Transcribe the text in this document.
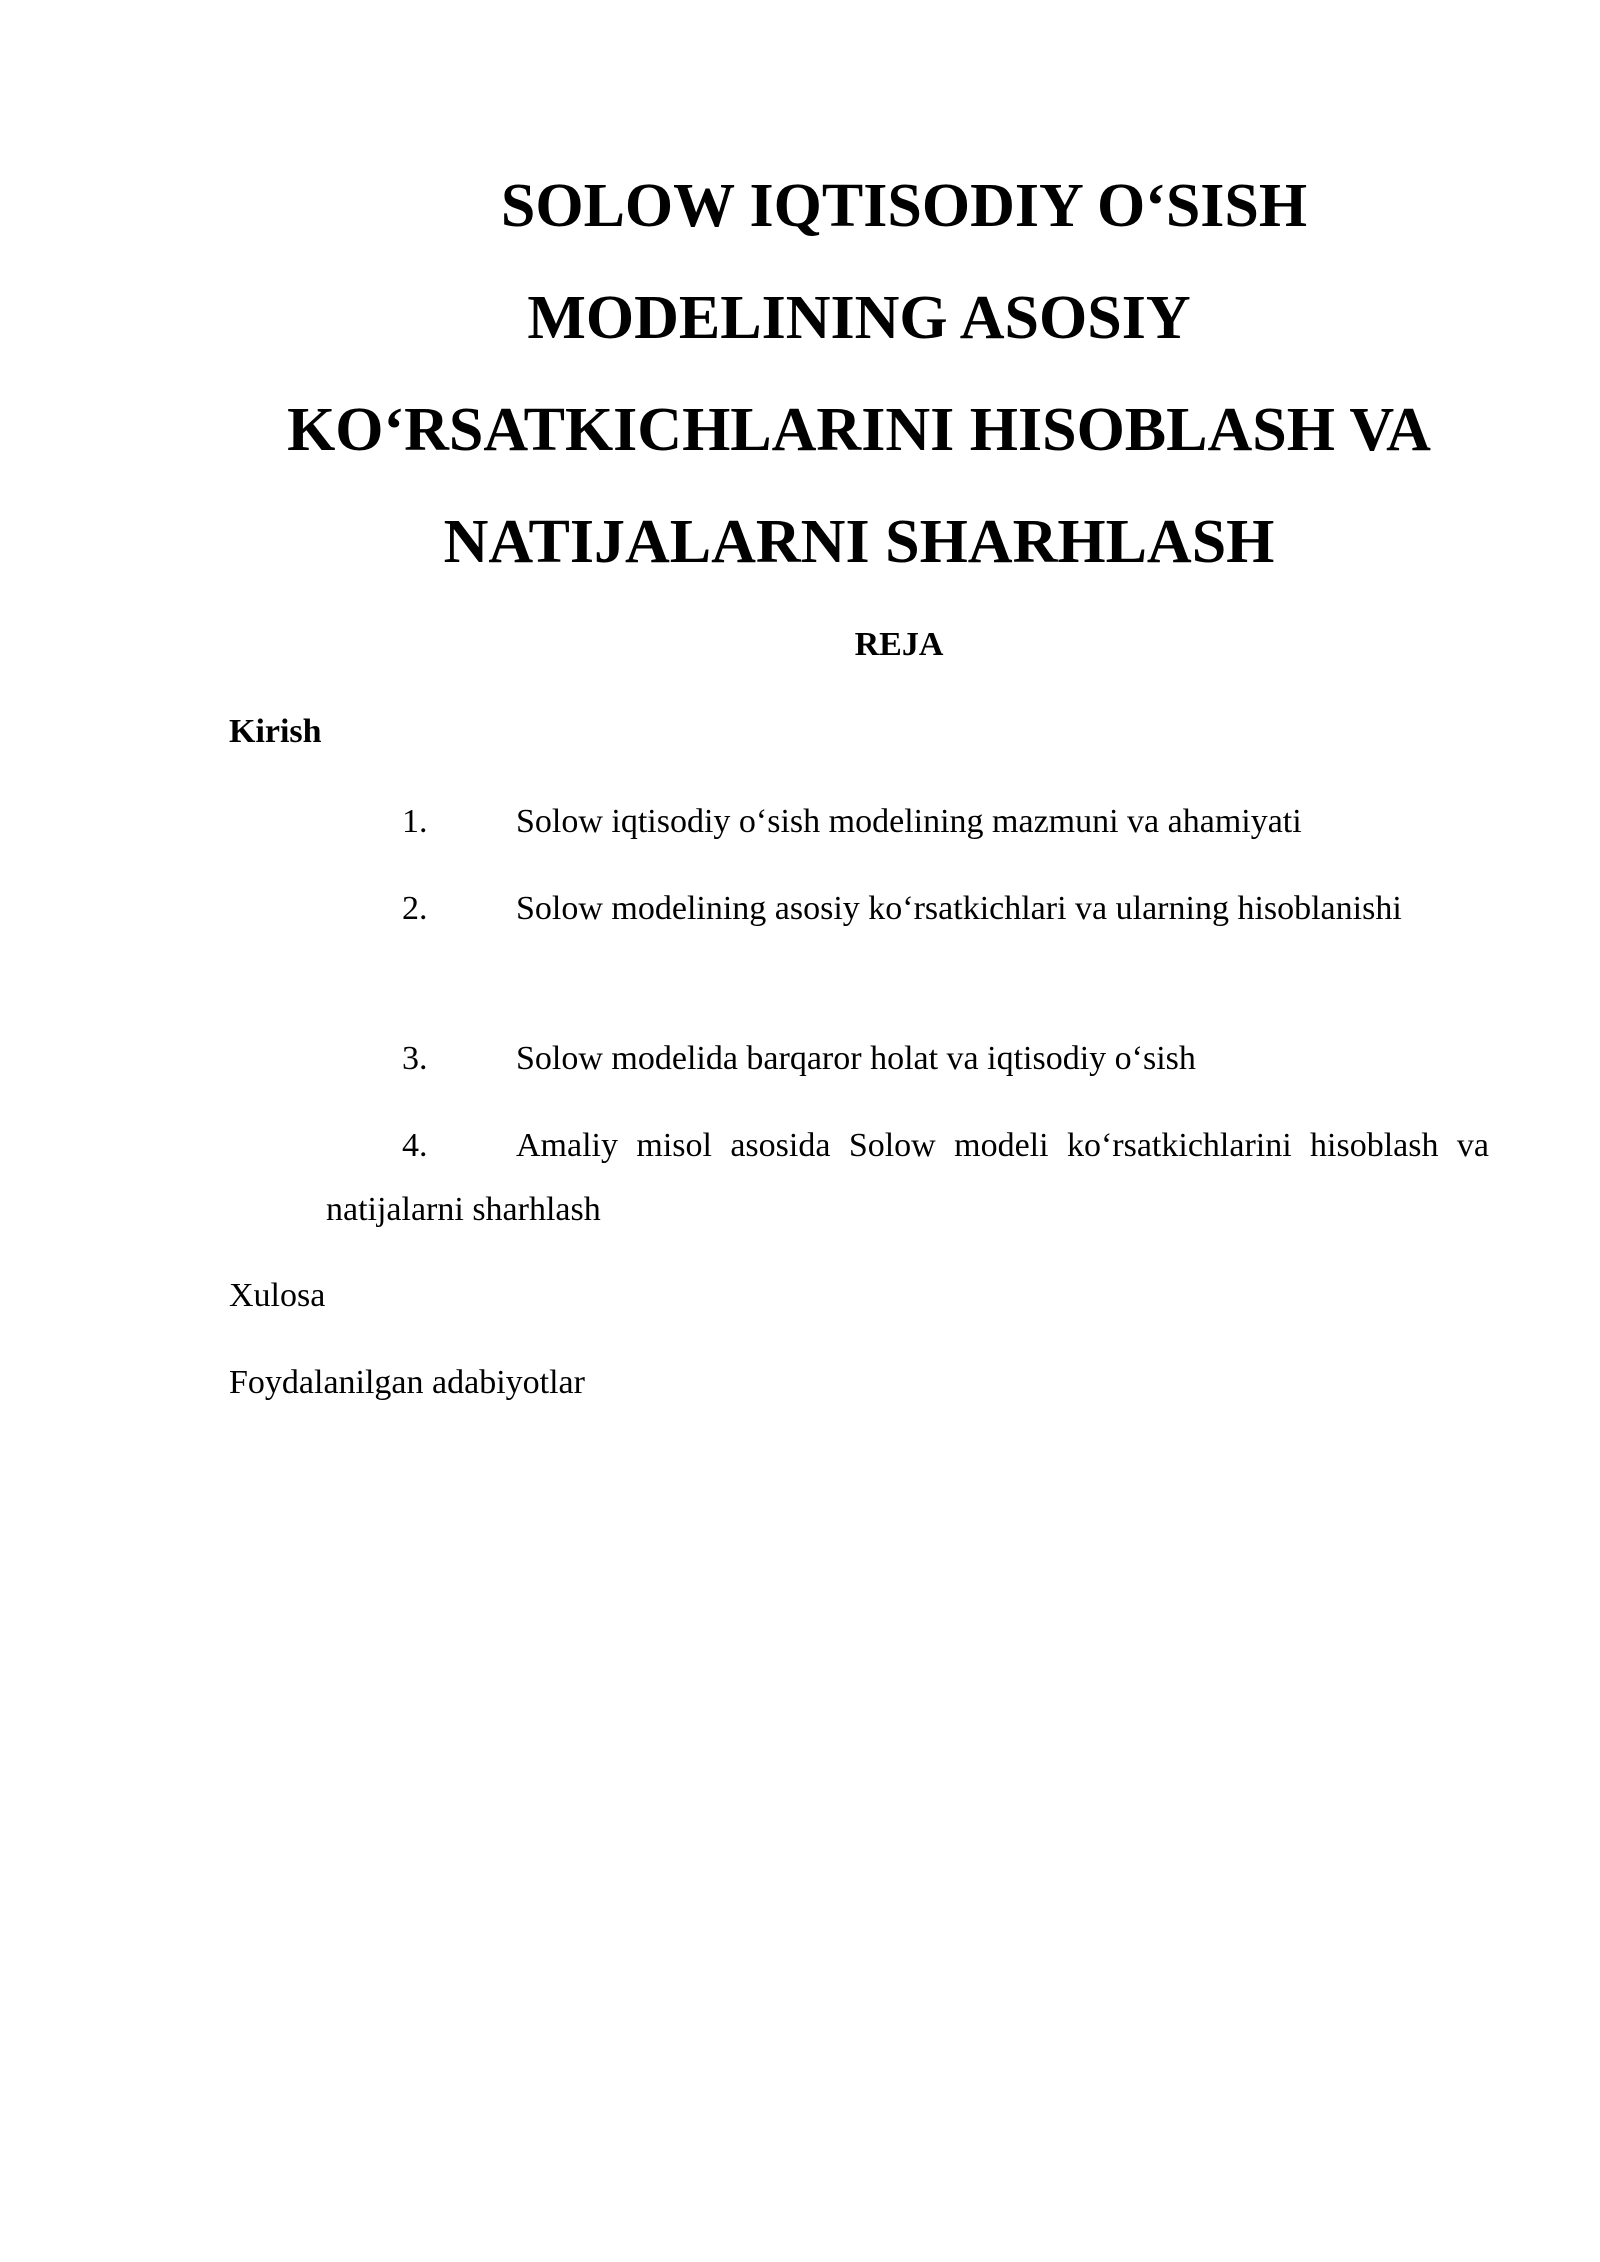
SOLOW IQTISODIY O‘SISH
MODELINING ASOSIY
KO‘RSATKICHLARINI HISOBLASH VA
NATIJALARNI SHARHLASH

REJA

Kirish

1.	Solow iqtisodiy o‘sish modelining mazmuni va ahamiyati
2.	Solow modelining asosiy ko‘rsatkichlari va ularning hisoblanishi
3.	Solow modelida barqaror holat va iqtisodiy o‘sish
4.	Amaliy misol asosida Solow modeli ko‘rsatkichlarini hisoblash va natijalarni sharhlash

Xulosa

Foydalanilgan adabiyotlar
